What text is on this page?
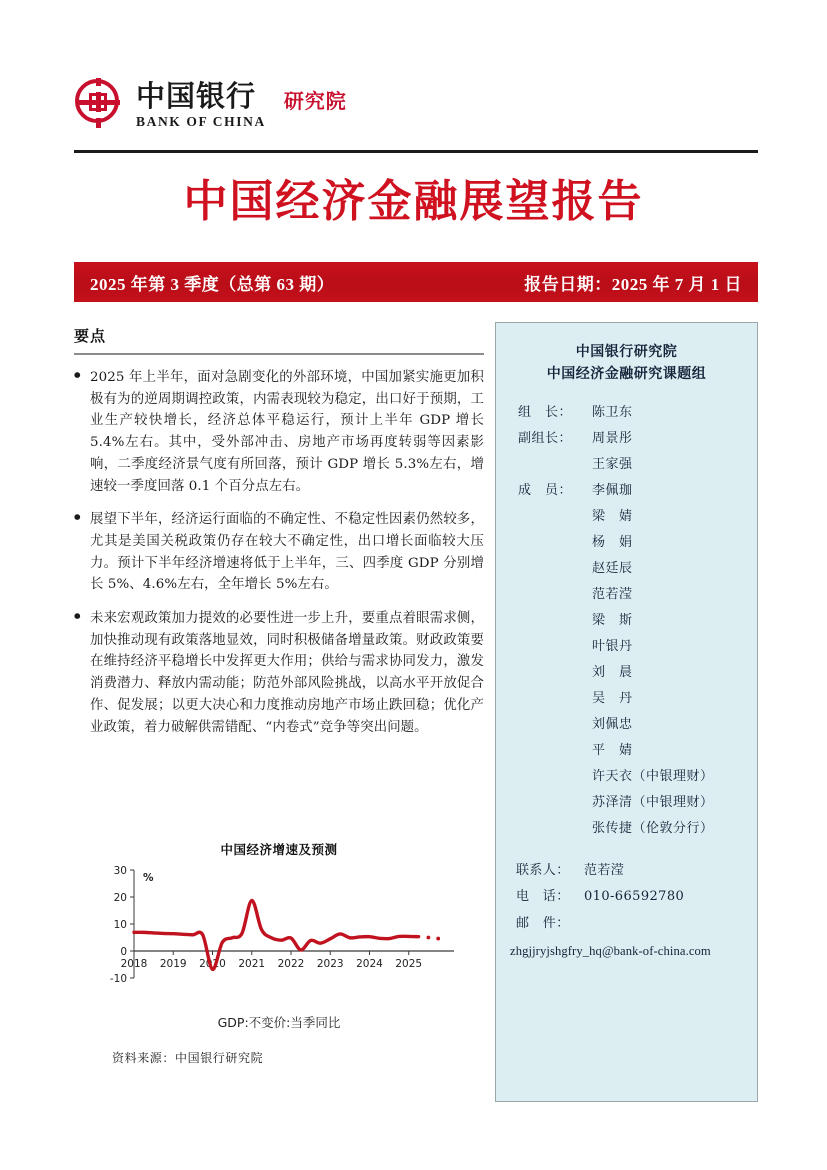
中国银行
BANK OF CHINA
研究院
中国经济金融展望报告
2025 年第 3 季度（总第 63 期）	报告日期：2025 年 7 月 1 日
要点
● 2025 年上半年，面对急剧变化的外部环境，中国加紧实施更加积极有为的逆周期调控政策，内需表现较为稳定，出口好于预期，工业生产较快增长，经济总体平稳运行，预计上半年 GDP 增长 5.4%左右。其中，受外部冲击、房地产市场再度转弱等因素影响，二季度经济景气度有所回落，预计 GDP 增长 5.3%左右，增速较一季度回落 0.1 个百分点左右。
● 展望下半年，经济运行面临的不确定性、不稳定性因素仍然较多，尤其是美国关税政策仍存在较大不确定性，出口增长面临较大压力。预计下半年经济增速将低于上半年，三、四季度 GDP 分别增长 5%、4.6%左右，全年增长 5%左右。
● 未来宏观政策加力提效的必要性进一步上升，要重点着眼需求侧，加快推动现有政策落地显效，同时积极储备增量政策。财政政策要在维持经济平稳增长中发挥更大作用；供给与需求协同发力，激发消费潜力、释放内需动能；防范外部风险挑战，以高水平开放促合作、促发展；以更大决心和力度推动房地产市场止跌回稳；优化产业政策，着力破解供需错配、“内卷式”竞争等突出问题。
中国经济增速及预测
30
20
10
0
-10
%
2018 2019 2020 2021 2022 2023 2024 2025
GDP:不变价:当季同比
资料来源：中国银行研究院
中国银行研究院
中国经济金融研究课题组
组　长：	陈卫东
副组长：	周景彤
王家强
成　员：	李佩珈
梁　婧
杨　娟
赵廷辰
范若滢
梁　斯
叶银丹
刘　晨
吴　丹
刘佩忠
平　婧
许天衣（中银理财）
苏泽清（中银理财）
张传捷（伦敦分行）
联系人：	范若滢
电　话：	010-66592780
邮　件：
zhgjjryjshgfry_hq@bank-of-china.com
